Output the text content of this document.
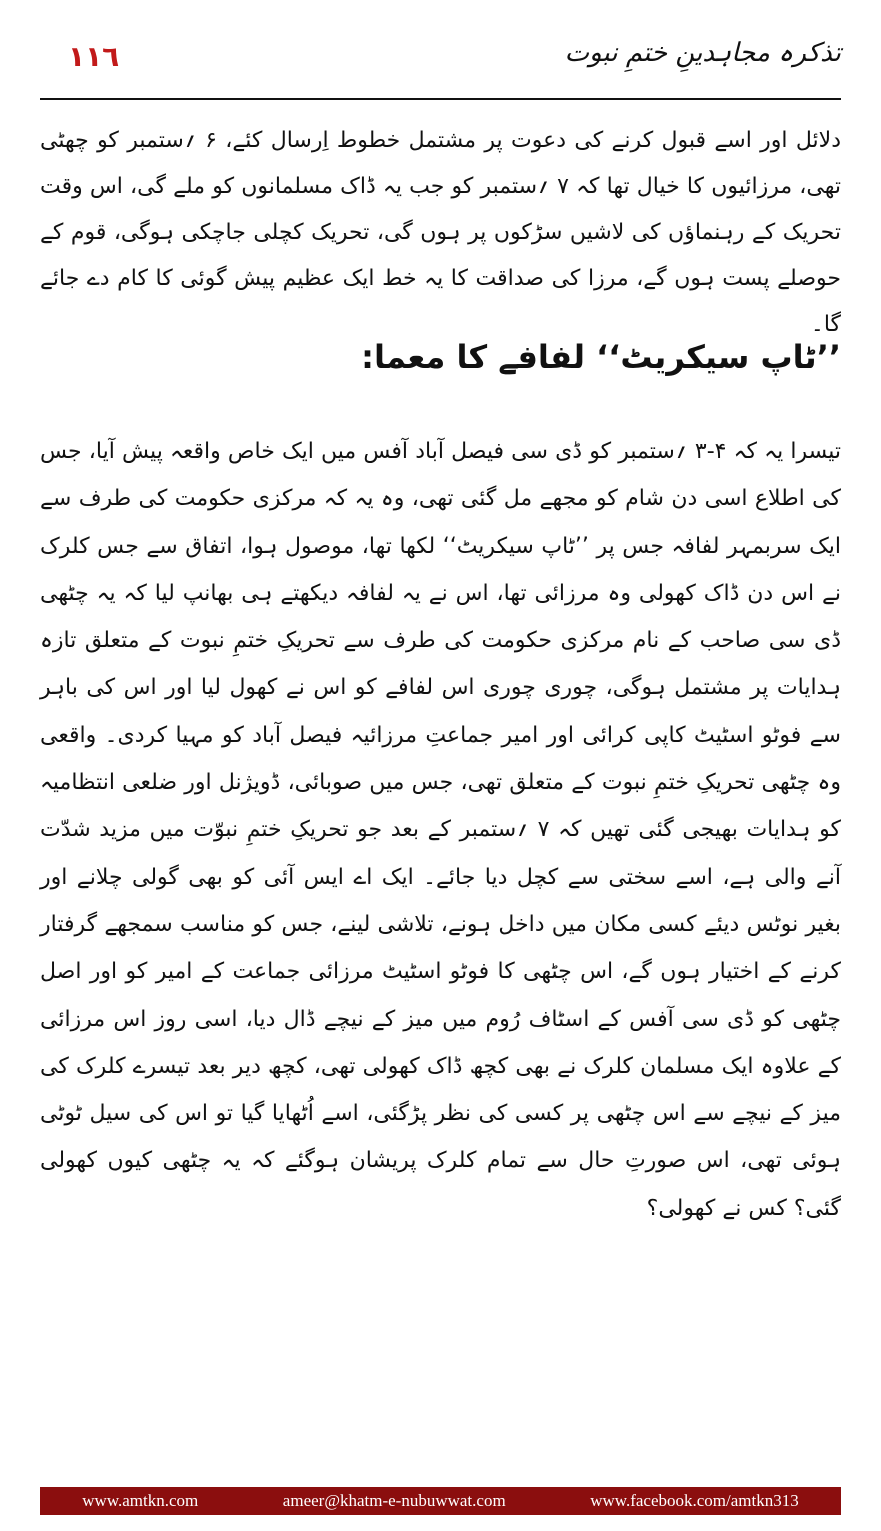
١١٦	تذکرہ مجاہدینِ ختمِ نبوت
دلائل اور اسے قبول کرنے کی دعوت پر مشتمل خطوط اِرسال کئے، ۶ ؍ستمبر کو چھٹی تھی، مرزائیوں کا خیال تھا کہ ۷ ؍ستمبر کو جب یہ ڈاک مسلمانوں کو ملے گی، اس وقت تحریک کے رہنماؤں کی لاشیں سڑکوں پر ہوں گی، تحریک کچلی جاچکی ہوگی، قوم کے حوصلے پست ہوں گے، مرزا کی صداقت کا یہ خط ایک عظیم پیش گوئی کا کام دے جائے گا۔
’’ٹاپ سیکریٹ‘‘ لفافے کا معما:
تیسرا یہ کہ ۴-۳ ؍ستمبر کو ڈی سی فیصل آباد آفس میں ایک خاص واقعہ پیش آیا، جس کی اطلاع اسی دن شام کو مجھے مل گئی تھی، وہ یہ کہ مرکزی حکومت کی طرف سے ایک سربمہر لفافہ جس پر ’’ٹاپ سیکریٹ‘‘ لکھا تھا، موصول ہوا، اتفاق سے جس کلرک نے اس دن ڈاک کھولی وہ مرزائی تھا، اس نے یہ لفافہ دیکھتے ہی بھانپ لیا کہ یہ چٹھی ڈی سی صاحب کے نام مرکزی حکومت کی طرف سے تحریکِ ختمِ نبوت کے متعلق تازہ ہدایات پر مشتمل ہوگی، چوری چوری اس لفافے کو اس نے کھول لیا اور اس کی باہر سے فوٹو اسٹیٹ کاپی کرائی اور امیر جماعتِ مرزائیہ فیصل آباد کو مہیا کردی۔ واقعی وہ چٹھی تحریکِ ختمِ نبوت کے متعلق تھی، جس میں صوبائی، ڈویژنل اور ضلعی انتظامیہ کو ہدایات بھیجی گئی تھیں کہ ۷ ؍ستمبر کے بعد جو تحریکِ ختمِ نبوّت میں مزید شدّت آنے والی ہے، اسے سختی سے کچل دیا جائے۔ ایک اے ایس آئی کو بھی گولی چلانے اور بغیر نوٹس دیئے کسی مکان میں داخل ہونے، تلاشی لینے، جس کو مناسب سمجھے گرفتار کرنے کے اختیار ہوں گے، اس چٹھی کا فوٹو اسٹیٹ مرزائی جماعت کے امیر کو اور اصل چٹھی کو ڈی سی آفس کے اسٹاف رُوم میں میز کے نیچے ڈال دیا، اسی روز اس مرزائی کے علاوہ ایک مسلمان کلرک نے بھی کچھ ڈاک کھولی تھی، کچھ دیر بعد تیسرے کلرک کی میز کے نیچے سے اس چٹھی پر کسی کی نظر پڑگئی، اسے اُٹھایا گیا تو اس کی سیل ٹوٹی ہوئی تھی، اس صورتِ حال سے تمام کلرک پریشان ہوگئے کہ یہ چٹھی کیوں کھولی گئی؟ کس نے کھولی؟
www.amtkn.com	ameer@khatm-e-nubuwwat.com	www.facebook.com/amtkn313
